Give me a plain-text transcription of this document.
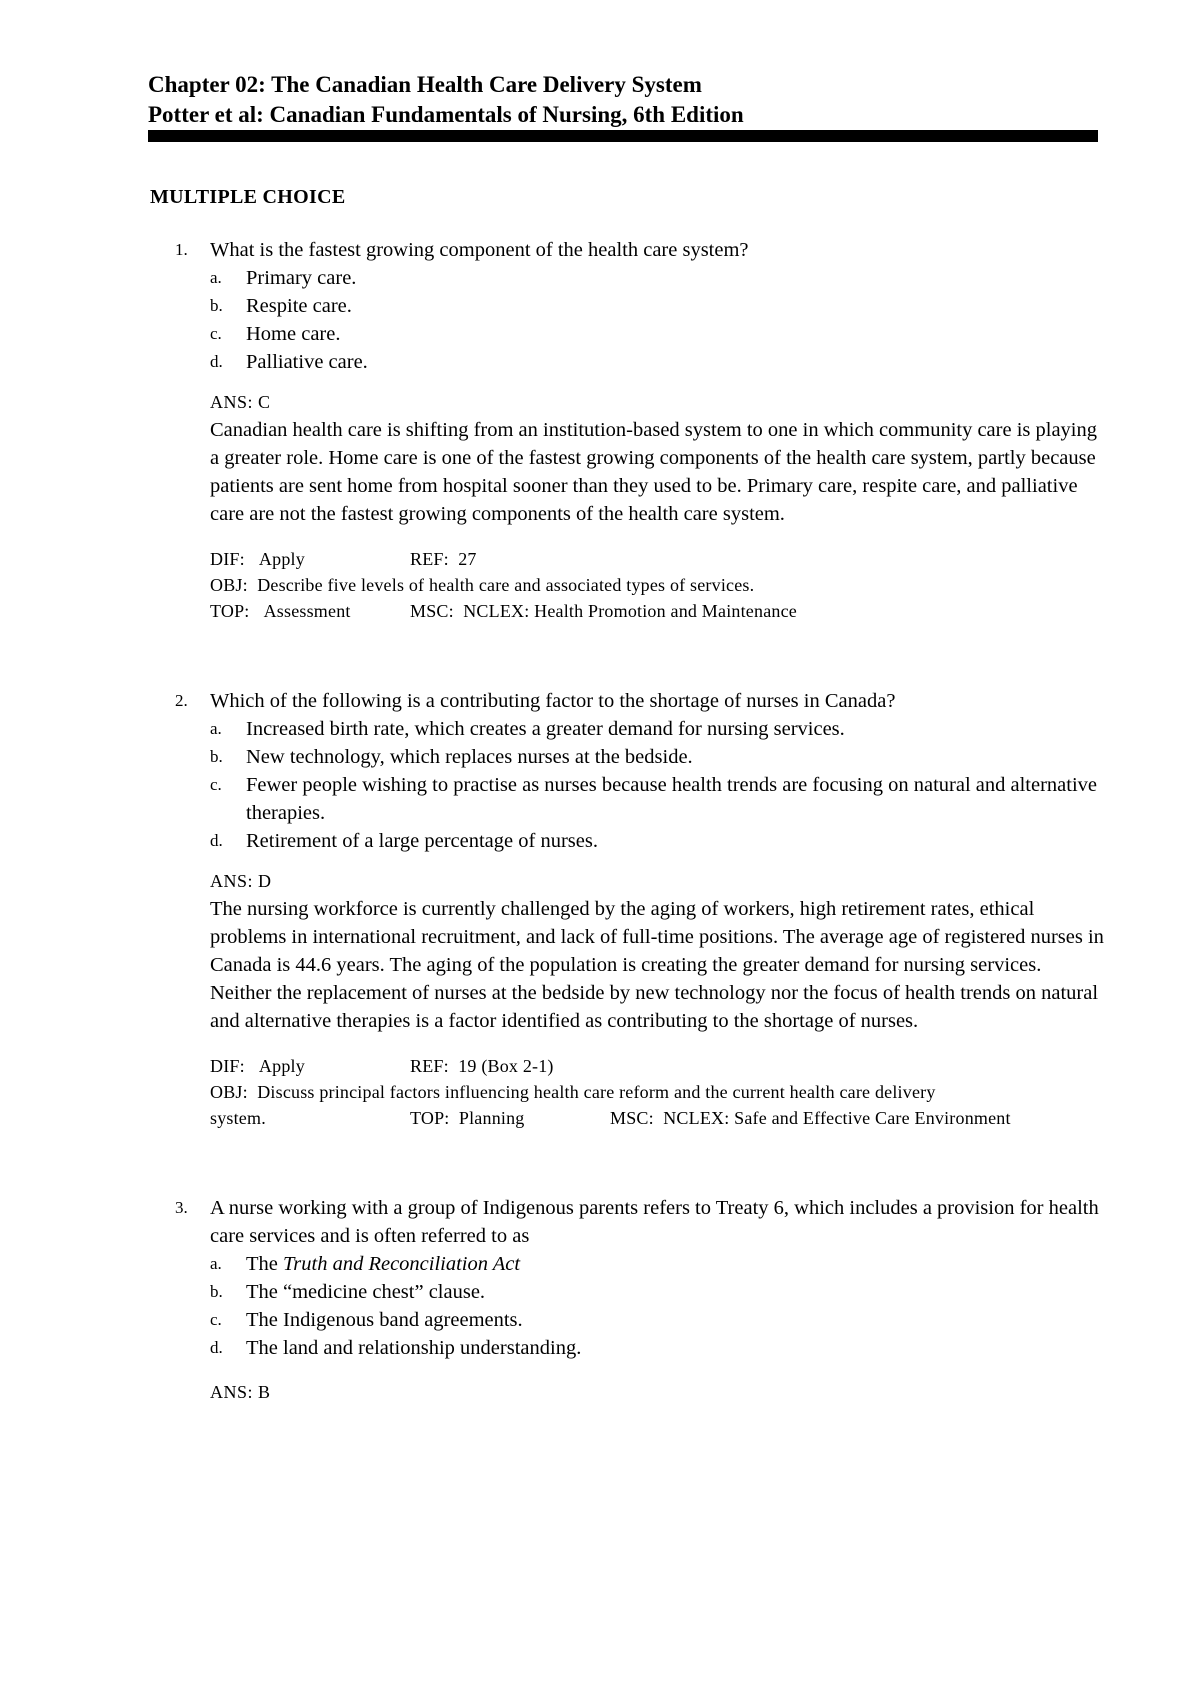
Chapter 02: The Canadian Health Care Delivery System
Potter et al: Canadian Fundamentals of Nursing, 6th Edition
MULTIPLE CHOICE
1. What is the fastest growing component of the health care system?
a. Primary care.
b. Respite care.
c. Home care.
d. Palliative care.
ANS: C
Canadian health care is shifting from an institution-based system to one in which community care is playing a greater role. Home care is one of the fastest growing components of the health care system, partly because patients are sent home from hospital sooner than they used to be. Primary care, respite care, and palliative care are not the fastest growing components of the health care system.
DIF: Apply	REF: 27
OBJ: Describe five levels of health care and associated types of services.
TOP: Assessment	MSC: NCLEX: Health Promotion and Maintenance
2. Which of the following is a contributing factor to the shortage of nurses in Canada?
a. Increased birth rate, which creates a greater demand for nursing services.
b. New technology, which replaces nurses at the bedside.
c. Fewer people wishing to practise as nurses because health trends are focusing on natural and alternative therapies.
d. Retirement of a large percentage of nurses.
ANS: D
The nursing workforce is currently challenged by the aging of workers, high retirement rates, ethical problems in international recruitment, and lack of full-time positions. The average age of registered nurses in Canada is 44.6 years. The aging of the population is creating the greater demand for nursing services. Neither the replacement of nurses at the bedside by new technology nor the focus of health trends on natural and alternative therapies is a factor identified as contributing to the shortage of nurses.
DIF: Apply	REF: 19 (Box 2-1)
OBJ: Discuss principal factors influencing health care reform and the current health care delivery
system.	TOP: Planning	MSC: NCLEX: Safe and Effective Care Environment
3. A nurse working with a group of Indigenous parents refers to Treaty 6, which includes a provision for health care services and is often referred to as
a. The Truth and Reconciliation Act
b. The “medicine chest” clause.
c. The Indigenous band agreements.
d. The land and relationship understanding.
ANS: B
